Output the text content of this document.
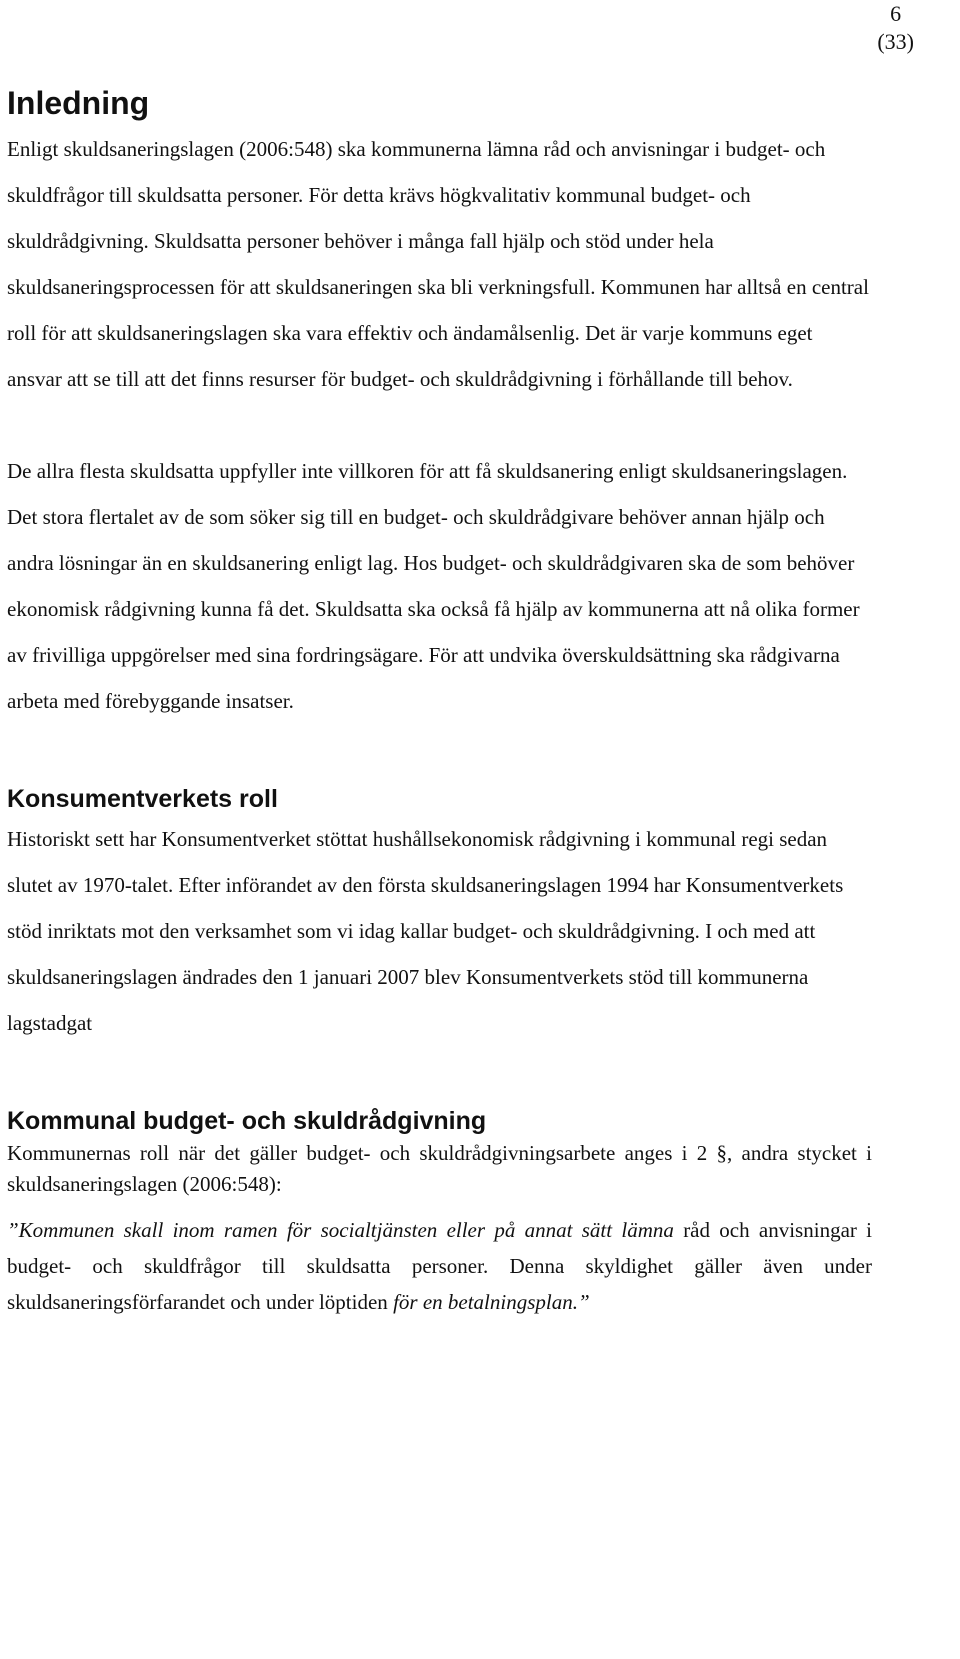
6
(33)
Inledning

Enligt skuldsaneringslagen (2006:548) ska kommunerna lämna råd och anvisningar i budget- och skuldfrågor till skuldsatta personer. För detta krävs högkvalitativ kommunal budget- och skuldrådgivning. Skuldsatta personer behöver i många fall hjälp och stöd under hela skuldsaneringsprocessen för att skuldsaneringen ska bli verkningsfull. Kommunen har alltså en central roll för att skuldsaneringslagen ska vara effektiv och ändamålsenlig. Det är varje kommuns eget ansvar att se till att det finns resurser för budget- och skuldrådgivning i förhållande till behov.

De allra flesta skuldsatta uppfyller inte villkoren för att få skuldsanering enligt skuldsaneringslagen. Det stora flertalet av de som söker sig till en budget- och skuldrådgivare behöver annan hjälp och andra lösningar än en skuldsanering enligt lag. Hos budget- och skuldrådgivaren ska de som behöver ekonomisk rådgivning kunna få det. Skuldsatta ska också få hjälp av kommunerna att nå olika former av frivilliga uppgörelser med sina fordringsägare. För att undvika överskuldsättning ska rådgivarna arbeta med förebyggande insatser.

Konsumentverkets roll

Historiskt sett har Konsumentverket stöttat hushållsekonomisk rådgivning i kommunal regi sedan slutet av 1970-talet. Efter införandet av den första skuldsaneringslagen 1994 har Konsumentverkets stöd inriktats mot den verksamhet som vi idag kallar budget- och skuldrådgivning. I och med att skuldsaneringslagen ändrades den 1 januari 2007 blev Konsumentverkets stöd till kommunerna lagstadgat

Kommunal budget- och skuldrådgivning

Kommunernas roll när det gäller budget- och skuldrådgivningsarbete anges i 2 §, andra stycket i skuldsaneringslagen (2006:548):

”Kommunen skall inom ramen för socialtjänsten eller på annat sätt lämna råd och anvisningar i budget- och skuldfrågor till skuldsatta personer. Denna skyldighet gäller även under skuldsaneringsförfarandet och under löptiden för en betalningsplan.”
